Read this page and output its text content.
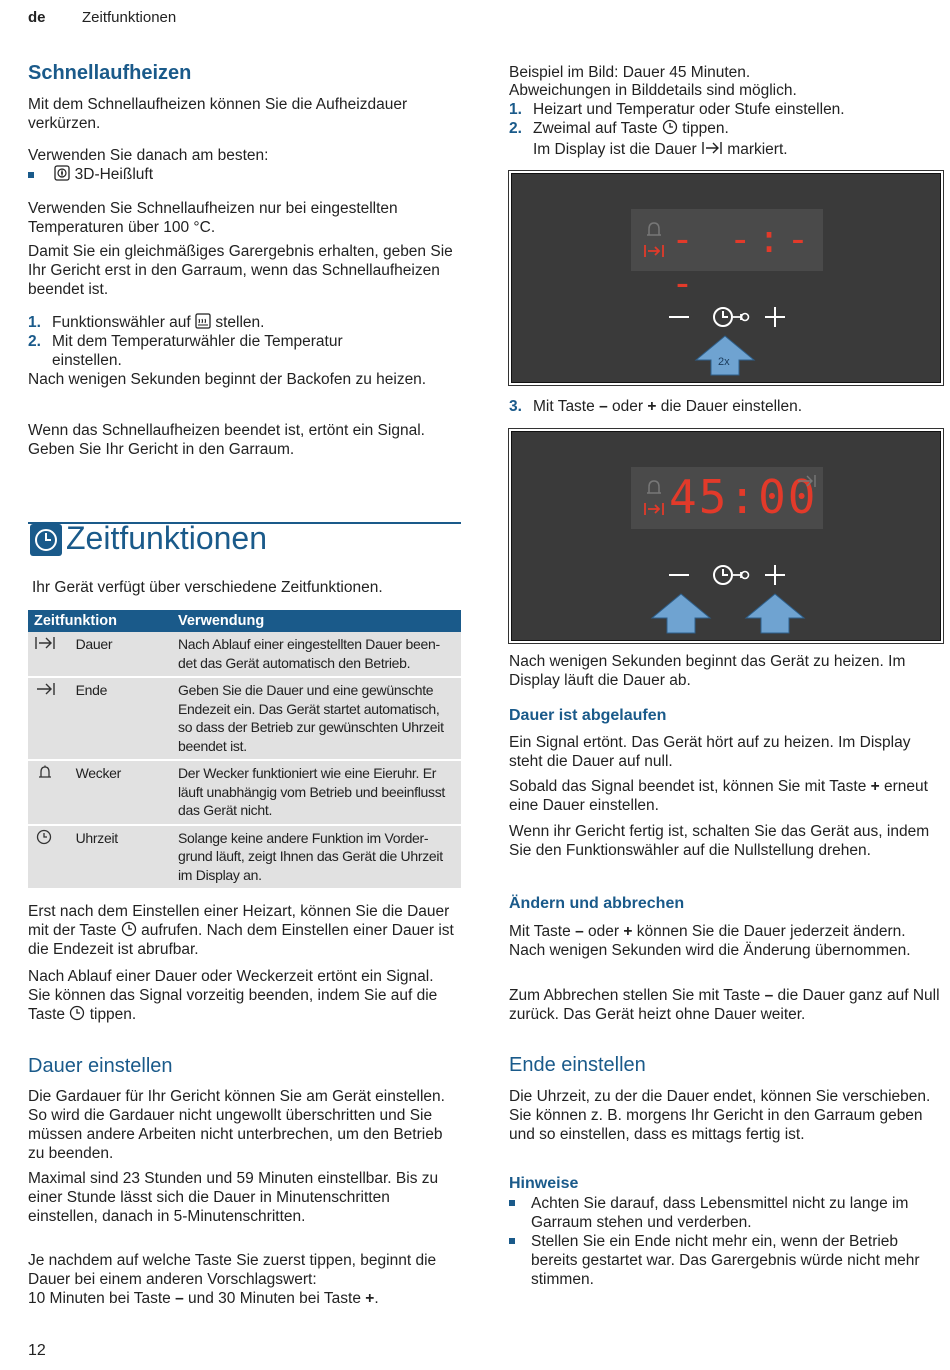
de Zeitfunktionen
Schnellaufheizen

Mit dem Schnellaufheizen können Sie die Aufheizdauer verkürzen.

Verwenden Sie danach am besten:

3D-Heißluft

Verwenden Sie Schnellaufheizen nur bei eingestellten Temperaturen über 100 °C.

Damit Sie ein gleichmäßiges Garergebnis erhalten, geben Sie Ihr Gericht erst in den Garraum, wenn das Schnellaufheizen beendet ist.

1. Funktionswähler auf stellen.
2. Mit dem Temperaturwähler die Temperatur einstellen.

Nach wenigen Sekunden beginnt der Backofen zu heizen.

Wenn das Schnellaufheizen beendet ist, ertönt ein Signal. Geben Sie Ihr Gericht in den Garraum.

Zeitfunktionen

Ihr Gerät verfügt über verschiedene Zeitfunktionen.

Zeitfunktion	Verwendung
Dauer	Nach Ablauf einer eingestellten Dauer been-det das Gerät automatisch den Betrieb.
Ende	Geben Sie die Dauer und eine gewünschte Endezeit ein. Das Gerät startet automatisch, so dass der Betrieb zur gewünschten Uhrzeit beendet ist.
Wecker	Der Wecker funktioniert wie eine Eieruhr. Er läuft unabhängig vom Betrieb und beeinflusst das Gerät nicht.
Uhrzeit	Solange keine andere Funktion im Vorder-grund läuft, zeigt Ihnen das Gerät die Uhrzeit im Display an.

Erst nach dem Einstellen einer Heizart, können Sie die Dauer mit der Taste aufrufen. Nach dem Einstellen einer Dauer ist die Endezeit ist abrufbar.

Nach Ablauf einer Dauer oder Weckerzeit ertönt ein Signal. Sie können das Signal vorzeitig beenden, indem Sie auf die Taste tippen.

Dauer einstellen

Die Gardauer für Ihr Gericht können Sie am Gerät einstellen. So wird die Gardauer nicht ungewollt überschritten und Sie müssen andere Arbeiten nicht unterbrechen, um den Betrieb zu beenden.

Maximal sind 23 Stunden und 59 Minuten einstellbar. Bis zu einer Stunde lässt sich die Dauer in Minutenschritten einstellen, danach in 5-Minutenschritten.

Je nachdem auf welche Taste Sie zuerst tippen, beginnt die Dauer bei einem anderen Vorschlagswert:

10 Minuten bei Taste – und 30 Minuten bei Taste +.

12

Beispiel im Bild: Dauer 45 Minuten.

Abweichungen in Bilddetails sind möglich.

1. Heizart und Temperatur oder Stufe einstellen.
2. Zweimal auf Taste tippen.
Im Display ist die Dauer markiert.
- -:- -
2x
3. Mit Taste – oder + die Dauer einstellen.
45:00

Nach wenigen Sekunden beginnt das Gerät zu heizen. Im Display läuft die Dauer ab.

Dauer ist abgelaufen

Ein Signal ertönt. Das Gerät hört auf zu heizen. Im Display steht die Dauer auf null.

Sobald das Signal beendet ist, können Sie mit Taste + erneut eine Dauer einstellen.

Wenn ihr Gericht fertig ist, schalten Sie das Gerät aus, indem Sie den Funktionswähler auf die Nullstellung drehen.

Ändern und abbrechen

Mit Taste – oder + können Sie die Dauer jederzeit ändern. Nach wenigen Sekunden wird die Änderung übernommen.

Zum Abbrechen stellen Sie mit Taste – die Dauer ganz auf Null zurück. Das Gerät heizt ohne Dauer weiter.

Ende einstellen

Die Uhrzeit, zu der die Dauer endet, können Sie verschieben. Sie können z. B. morgens Ihr Gericht in den Garraum geben und so einstellen, dass es mittags fertig ist.

Hinweise
Achten Sie darauf, dass Lebensmittel nicht zu lange im Garraum stehen und verderben.
Stellen Sie ein Ende nicht mehr ein, wenn der Betrieb bereits gestartet war. Das Garergebnis würde nicht mehr stimmen.
